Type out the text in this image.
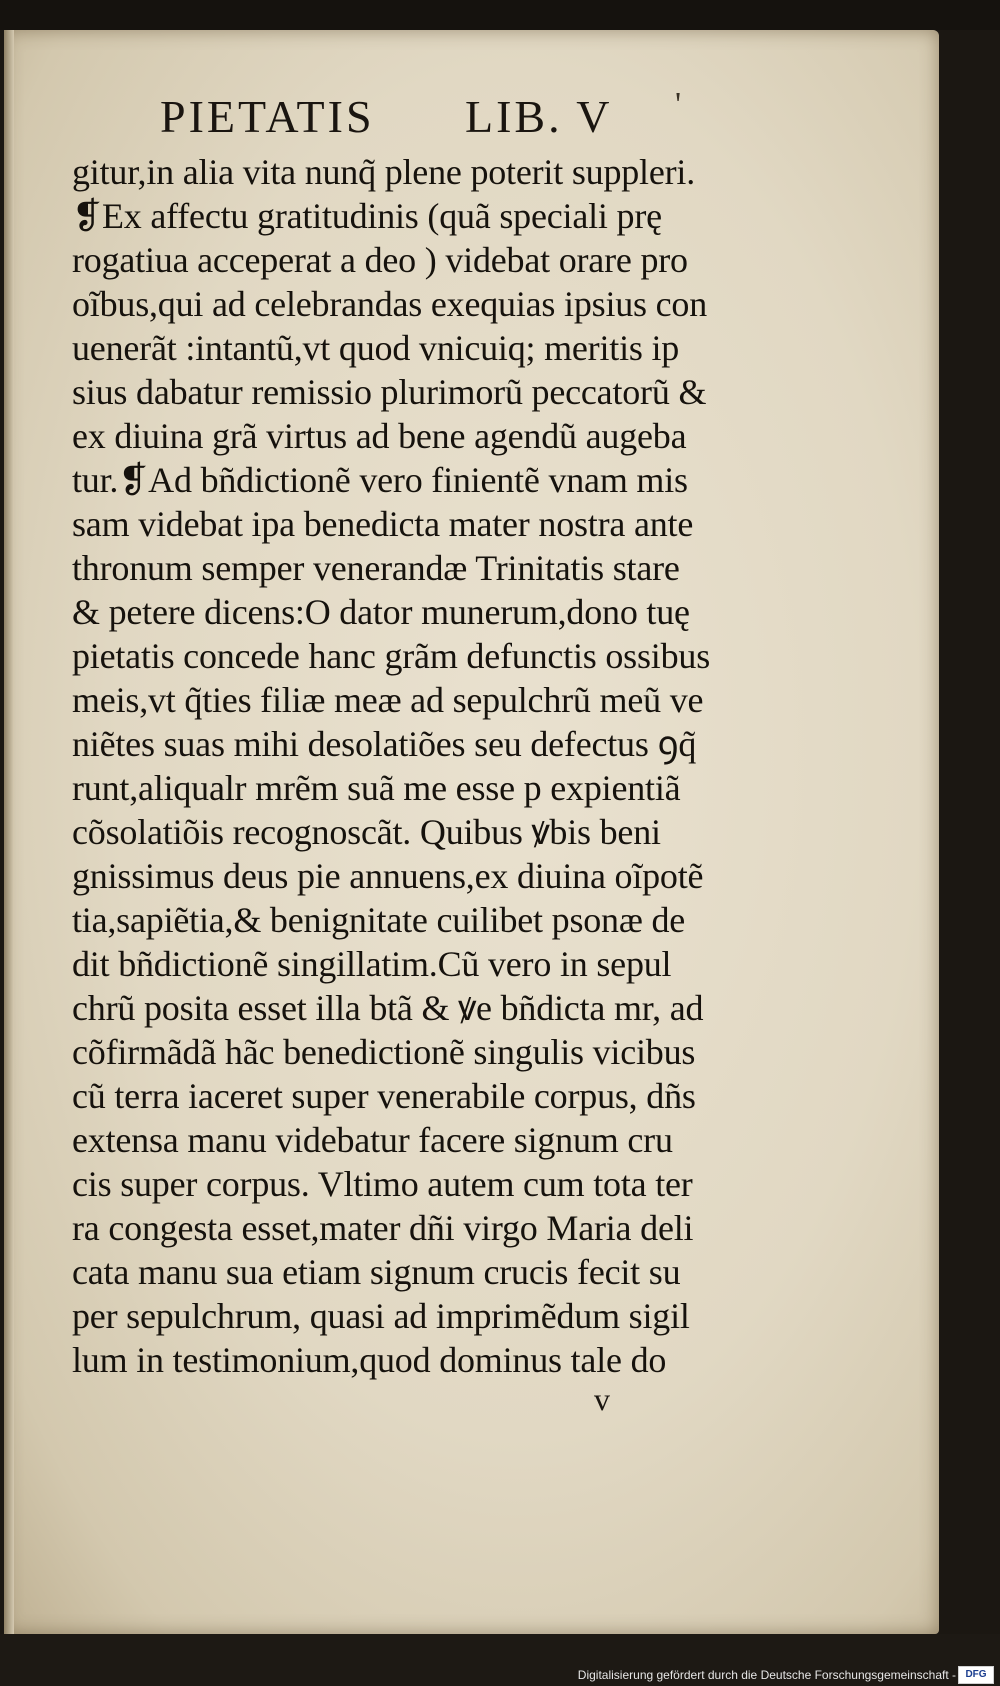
PIETATIS LIB. V '
gitur,in alia vita nunq̃ plene poterit suppleri.
❡Ex affectu gratitudinis (quã speciali prę
rogatiua acceperat a deo ) videbat orare pro
oĩbus,qui ad celebrandas exequias ipsius con
uenerãt :intantũ,vt quod vnicuiq; meritis ip
sius dabatur remissio plurimorũ peccatorũ &
ex diuina grã virtus ad bene agendũ augeba
tur.❡Ad bñdictionẽ vero finientẽ vnam mis
sam videbat ipa benedicta mater nostra ante
thronum semper venerandæ Trinitatis stare
& petere dicens:O dator munerum,dono tuę
pietatis concede hanc grãm defunctis ossibus
meis,vt q̃ties filiæ meæ ad sepulchrũ meũ ve
niẽtes suas mihi desolatiões seu defectus ꝯq̃
runt,aliqualr mrẽm suã me esse p expientiã
cõsolatiõis recognoscãt. Quibus ꝟbis beni
gnissimus deus pie annuens,ex diuina oĩpotẽ
tia,sapiẽtia,& benignitate cuilibet psonæ de
dit bñdictionẽ singillatim.Cũ vero in sepul
chrũ posita esset illa btã & ꝟe bñdicta mr, ad
cõfirmãdã hãc benedictionẽ singulis vicibus
cũ terra iaceret super venerabile corpus, dñs
extensa manu videbatur facere signum cru
cis super corpus. Vltimo autem cum tota ter
ra congesta esset,mater dñi virgo Maria deli
cata manu sua etiam signum crucis fecit su
per sepulchrum, quasi ad imprimẽdum sigil
lum in testimonium,quod dominus tale do
v
Digitalisierung gefördert durch die Deutsche Forschungsgemeinschaft - DFG
